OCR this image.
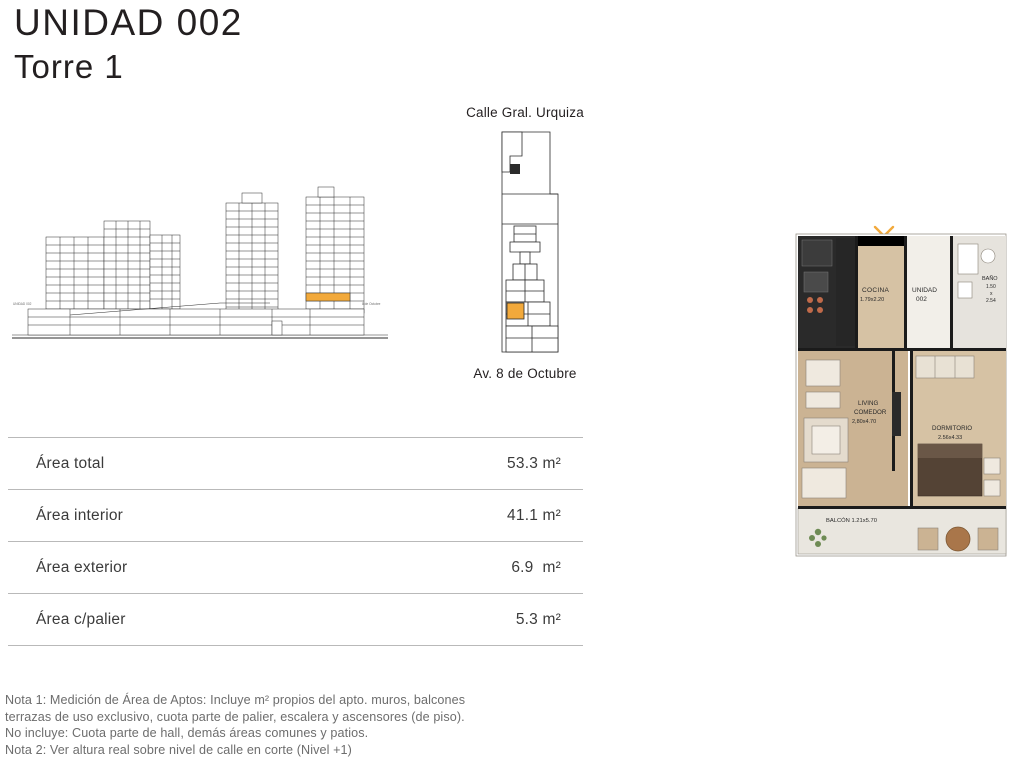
UNIDAD 002
Torre 1
UNIDAD 002	8 de Octubre
Calle Gral. Urquiza
Av. 8 de Octubre
Área total	53.3 m²
Área interior	41.1 m²
Área exterior	6.9  m²
Área c/palier	5.3 m²
Nota 1: Medición de Área de Aptos: Incluye m² propios del apto. muros, balcones
terrazas de uso exclusivo, cuota parte de palier, escalera y ascensores (de piso).
No incluye: Cuota parte de hall, demás áreas comunes y patios.
Nota 2: Ver altura real sobre nivel de calle en corte (Nivel +1)
COCINA
1.79x2.20
UNIDAD
002
BAÑO
1.50
x
2.54
LIVING
COMEDOR
2,80x4.70
DORMITORIO
2.56x4.33
BALCÓN 1.21x5.70
